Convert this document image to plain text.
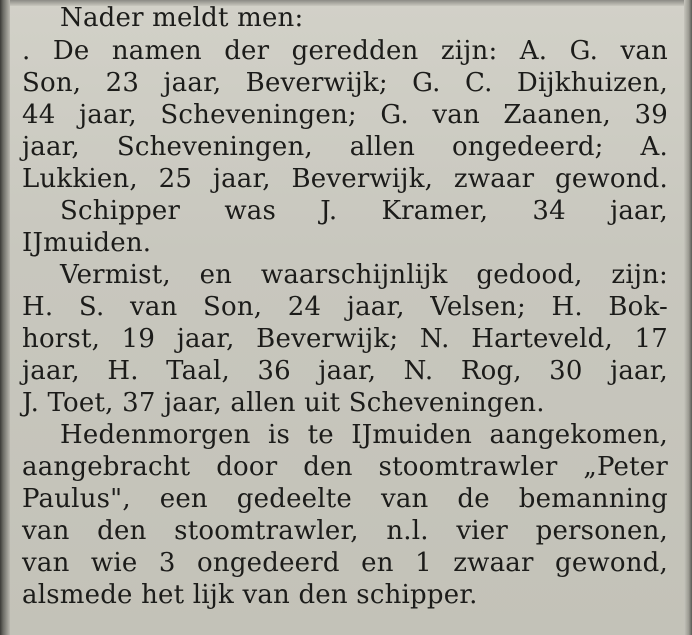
Nader meldt men:
. De namen der geredden zijn: A. G. van
Son, 23 jaar, Beverwijk; G. C. Dijkhuizen,
44 jaar, Scheveningen; G. van Zaanen, 39
jaar, Scheveningen, allen ongedeerd; A.
Lukkien, 25 jaar, Beverwijk, zwaar gewond.
Schipper was J. Kramer, 34 jaar,
IJmuiden.
Vermist, en waarschijnlijk gedood, zijn:
H. S. van Son, 24 jaar, Velsen; H. Bok-
horst, 19 jaar, Beverwijk; N. Harteveld, 17
jaar, H. Taal, 36 jaar, N. Rog, 30 jaar,
J. Toet, 37 jaar, allen uit Scheveningen.
Hedenmorgen is te IJmuiden aangekomen,
aangebracht door den stoomtrawler „Peter
Paulus", een gedeelte van de bemanning
van den stoomtrawler, n.l. vier personen,
van wie 3 ongedeerd en 1 zwaar gewond,
alsmede het lijk van den schipper.
